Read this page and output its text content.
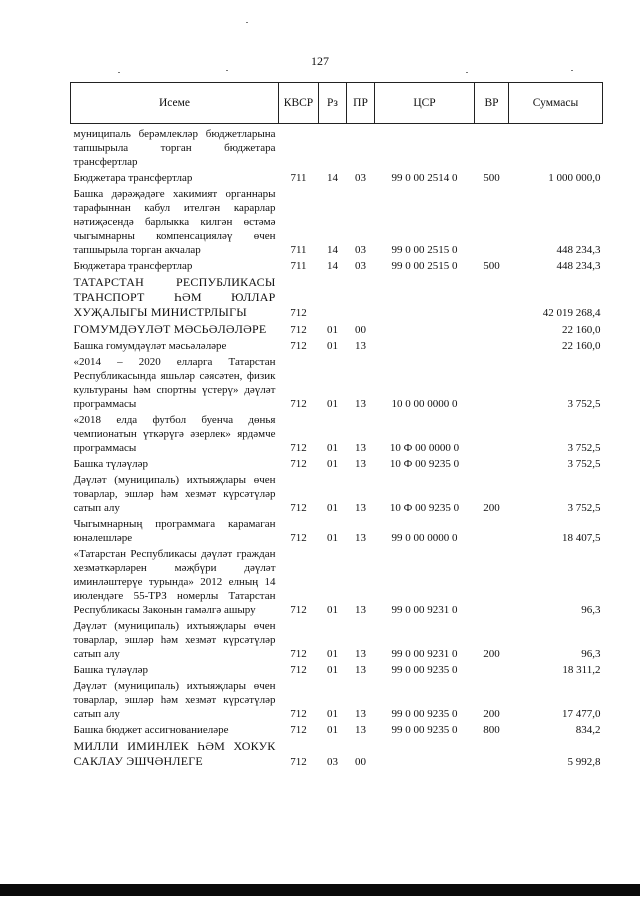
127
Исеме	КВСР	Рз	ПР	ЦСР	ВР	Суммасы
муниципаль берәмлекләр бюджетларына тапшырыла торган бюджетара трансфертлар						
Бюджетара трансфертлар	711	14	03	99 0 00 2514 0	500	1 000 000,0
Башка дәрәҗәдәге хакимият органнары тарафыннан кабул ителгән карарлар нәтиҗәсендә барлыкка килгән өстәмә чыгымнарны компенсацияләү өчен тапшырыла торган акчалар	711	14	03	99 0 00 2515 0		448 234,3
Бюджетара трансфертлар	711	14	03	99 0 00 2515 0	500	448 234,3
ТАТАРСТАН РЕСПУБЛИКАСЫ ТРАНСПОРТ ҺӘМ ЮЛЛАР ХУҖАЛЫГЫ МИНИСТРЛЫГЫ	712					42 019 268,4
ГОМУМДӘҮЛӘТ МӘСЬӘЛӘЛӘРЕ	712	01	00			22 160,0
Башка гомумдәүләт мәсьәләләре	712	01	13			22 160,0
«2014 – 2020 елларга Татарстан Республикасында яшьләр сәясәтен, физик культураны һәм спортны үстерү» дәүләт программасы	712	01	13	10 0 00 0000 0		3 752,5
«2018 елда футбол буенча дөнья чемпионатын үткәрүгә әзерлек» ярдәмче программасы	712	01	13	10 Ф 00 0000 0		3 752,5
Башка түләүләр	712	01	13	10 Ф 00 9235 0		3 752,5
Дәүләт (муниципаль) ихтыяҗлары өчен товарлар, эшләр һәм хезмәт күрсәтүләр сатып алу	712	01	13	10 Ф 00 9235 0	200	3 752,5
Чыгымнарның программага карамаган юнәлешләре	712	01	13	99 0 00 0000 0		18 407,5
«Татарстан Республикасы дәүләт граждан хезмәткәрләрен мәҗбүри дәүләт иминләштерүе турында» 2012 елның 14 июлендәге 55-ТРЗ номерлы Татарстан Республикасы Законын гамәлгә ашыру	712	01	13	99 0 00 9231 0		96,3
Дәүләт (муниципаль) ихтыяҗлары өчен товарлар, эшләр һәм хезмәт күрсәтүләр сатып алу	712	01	13	99 0 00 9231 0	200	96,3
Башка түләүләр	712	01	13	99 0 00 9235 0		18 311,2
Дәүләт (муниципаль) ихтыяҗлары өчен товарлар, эшләр һәм хезмәт күрсәтүләр сатып алу	712	01	13	99 0 00 9235 0	200	17 477,0
Башка бюджет ассигнованиеләре	712	01	13	99 0 00 9235 0	800	834,2
МИЛЛИ ИМИНЛЕК ҺӘМ ХОКУК САКЛАУ ЭШЧӘНЛЕГЕ	712	03	00			5 992,8
